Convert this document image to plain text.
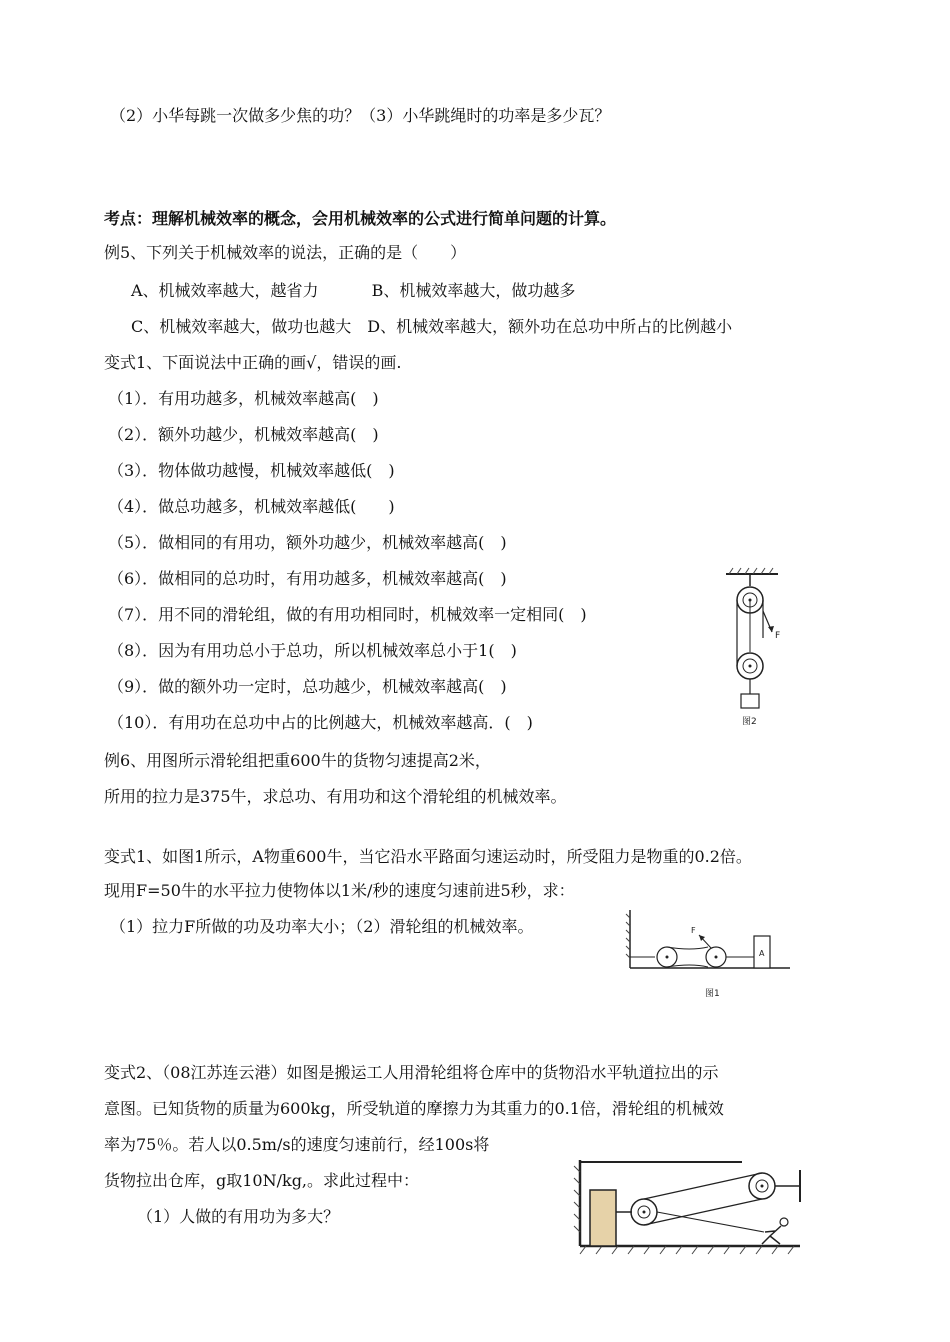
（2）小华每跳一次做多少焦的功？（3）小华跳绳时的功率是多少瓦？
考点：理解机械效率的概念，会用机械效率的公式进行简单问题的计算。
例5、下列关于机械效率的说法，正确的是（　　）
A、机械效率越大，越省力　　　 B、机械效率越大，做功越多
C、机械效率越大，做功也越大　D、机械效率越大，额外功在总功中所占的比例越小
变式1、下面说法中正确的画√，错误的画.
（1）．有用功越多，机械效率越高(　)
（2）．额外功越少，机械效率越高(　)
（3）．物体做功越慢，机械效率越低(　)
（4）．做总功越多，机械效率越低(　　)
（5）．做相同的有用功，额外功越少，机械效率越高(　)
（6）．做相同的总功时，有用功越多，机械效率越高(　)
（7）．用不同的滑轮组，做的有用功相同时，机械效率一定相同(　)
（8）．因为有用功总小于总功，所以机械效率总小于1(　)
（9）．做的额外功一定时，总功越少，机械效率越高(　)
（10）．有用功在总功中占的比例越大，机械效率越高．(　)
例6、用图所示滑轮组把重600牛的货物匀速提高2米，
所用的拉力是375牛，求总功、有用功和这个滑轮组的机械效率。
变式1、如图1所示，A物重600牛，当它沿水平路面匀速运动时，所受阻力是物重的0.2倍。
现用F=50牛的水平拉力使物体以1米/秒的速度匀速前进5秒，求：
（1）拉力F所做的功及功率大小；（2）滑轮组的机械效率。
变式2、（08江苏连云港）如图是搬运工人用滑轮组将仓库中的货物沿水平轨道拉出的示
意图。已知货物的质量为600kg，所受轨道的摩擦力为其重力的0.1倍，滑轮组的机械效
率为75％。若人以0.5m/s的速度匀速前行，经100s将
货物拉出仓库，g取10N/kg,。求此过程中：
（1）人做的有用功为多大？
F
图2
F
A
图1
